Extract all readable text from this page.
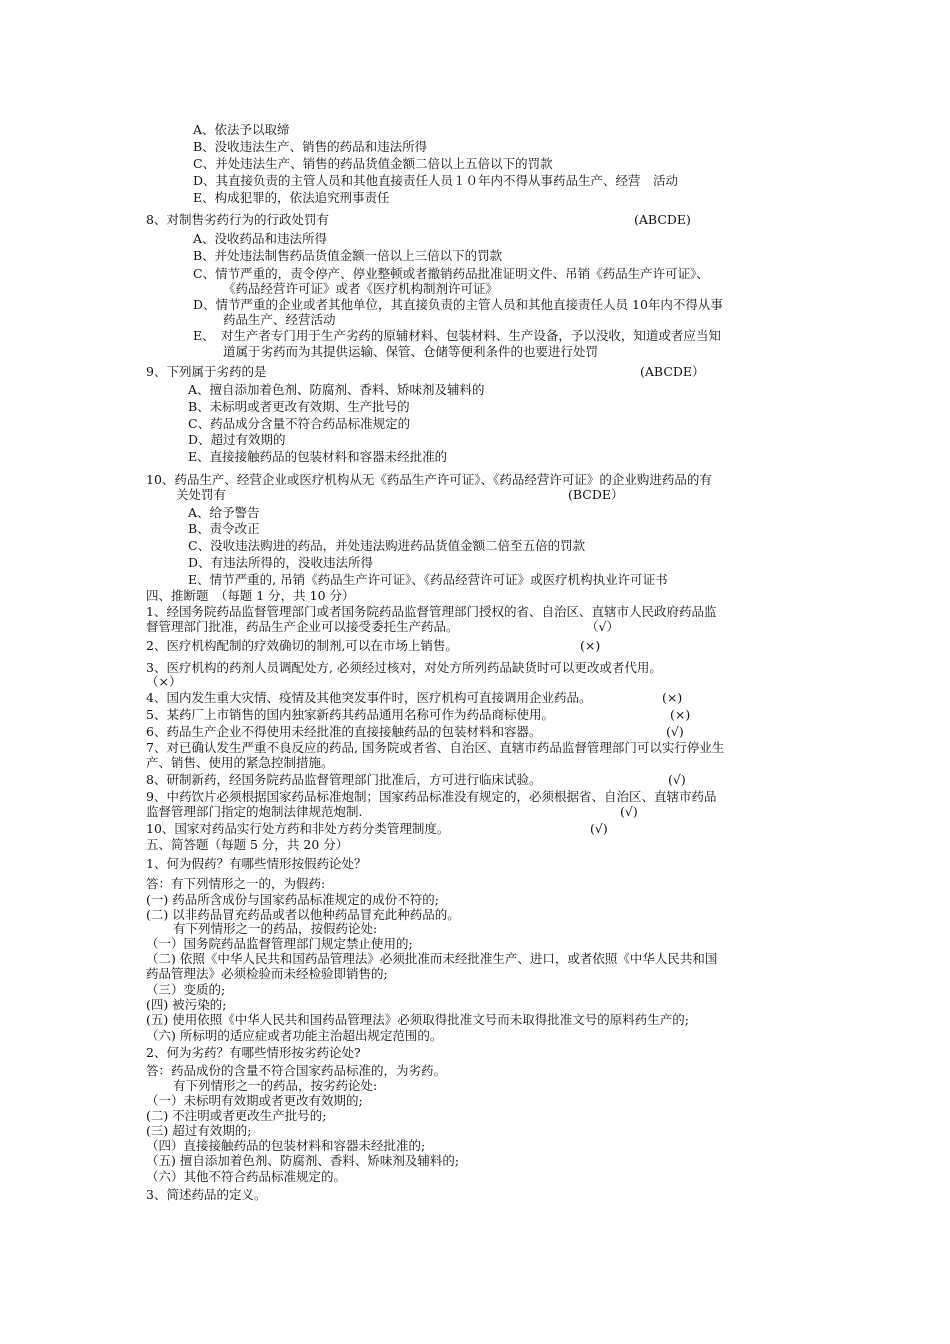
A、依法予以取缔
B、没收违法生产、销售的药品和违法所得
C、并处违法生产、销售的药品货值金额二倍以上五倍以下的罚款
D、其直接负责的主管人员和其他直接责任人员１０年内不得从事药品生产、经营　活动
E、构成犯罪的，依法追究刑事责任
8、对制售劣药行为的行政处罚有	(ABCDE)
A、没收药品和违法所得
B、并处违法制售药品货值金额一倍以上三倍以下的罚款
C、情节严重的，责令停产、停业整顿或者撤销药品批准证明文件、吊销《药品生产许可证》、
《药品经营许可证》或者《医疗机构制剂许可证》
D、情节严重的企业或者其他单位，其直接负责的主管人员和其他直接责任人员 10年内不得从事
药品生产、经营活动
E、　对生产者专门用于生产劣药的原辅材料、包装材料、生产设备，予以没收，知道或者应当知
道属于劣药而为其提供运输、保管、仓储等便利条件的也要进行处罚
9、下列属于劣药的是	(ABCDE）
A、擅自添加着色剂、防腐剂、香料、矫味剂及辅料的
B、未标明或者更改有效期、生产批号的
C、药品成分含量不符合药品标准规定的
D、超过有效期的
E、直接接触药品的包装材料和容器未经批准的
10、药品生产、经营企业或医疗机构从无《药品生产许可证》、《药品经营许可证》的企业购进药品的有
关处罚有	(BCDE）
A、给予警告
B、责令改正
C、没收违法购进的药品，并处违法购进药品货值金额二倍至五倍的罚款
D、有违法所得的，没收违法所得
E、情节严重的, 吊销《药品生产许可证》、《药品经营许可证》或医疗机构执业许可证书
四、推断题　（每题 1 分，共 10 分）
1、经国务院药品监督管理部门或者国务院药品监督管理部门授权的省、自治区、直辖市人民政府药品监
督管理部门批准，药品生产企业可以接受委托生产药品。	（√）
2、医疗机构配制的疗效确切的制剂,可以在市场上销售。	(×)
3、医疗机构的药剂人员调配处方, 必须经过核对，对处方所列药品缺货时可以更改或者代用。
（×）
4、国内发生重大灾情、疫情及其他突发事件时，医疗机构可直接调用企业药品。	(×)
5、某药厂上市销售的国内独家新药其药品通用名称可作为药品商标使用。	(×)
6、药品生产企业不得使用未经批准的直接接触药品的包装材料和容器。	(√)
7、对已确认发生严重不良反应的药品, 国务院或者省、自治区、直辖市药品监督管理部门可以实行停业生
产、销售、使用的紧急控制措施。
8、研制新药，经国务院药品监督管理部门批准后，方可进行临床试验。	(√)
9、中药饮片必须根据国家药品标准炮制；国家药品标准没有规定的，必须根据省、自治区、直辖市药品
监督管理部门指定的炮制法律规范炮制.	(√)
10、国家对药品实行处方药和非处方药分类管理制度。	(√)
五、简答题（每题 5 分，共 20 分）
1、何为假药？有哪些情形按假药论处？
答：有下列情形之一的，为假药:
(一) 药品所含成份与国家药品标准规定的成份不符的;
(二) 以非药品冒充药品或者以他种药品冒充此种药品的。
有下列情形之一的药品，按假药论处:
（一）国务院药品监督管理部门规定禁止使用的;
（二) 依照《中华人民共和国药品管理法》必须批准而未经批准生产、进口，或者依照《中华人民共和国
药品管理法》必须检验而未经检验即销售的;
（三）变质的;
(四) 被污染的;
(五) 使用依照《中华人民共和国药品管理法》必须取得批准文号而未取得批准文号的原料药生产的;
（六) 所标明的适应症或者功能主治超出规定范围的。
2、何为劣药？有哪些情形按劣药论处?
答：药品成份的含量不符合国家药品标准的，为劣药。
有下列情形之一的药品，按劣药论处:
（一）未标明有效期或者更改有效期的;
(二) 不注明或者更改生产批号的;
(三) 超过有效期的;
（四）直接接触药品的包装材料和容器未经批准的;
（五) 擅自添加着色剂、防腐剂、香料、矫味剂及辅料的;
（六）其他不符合药品标准规定的。
3、简述药品的定义。
